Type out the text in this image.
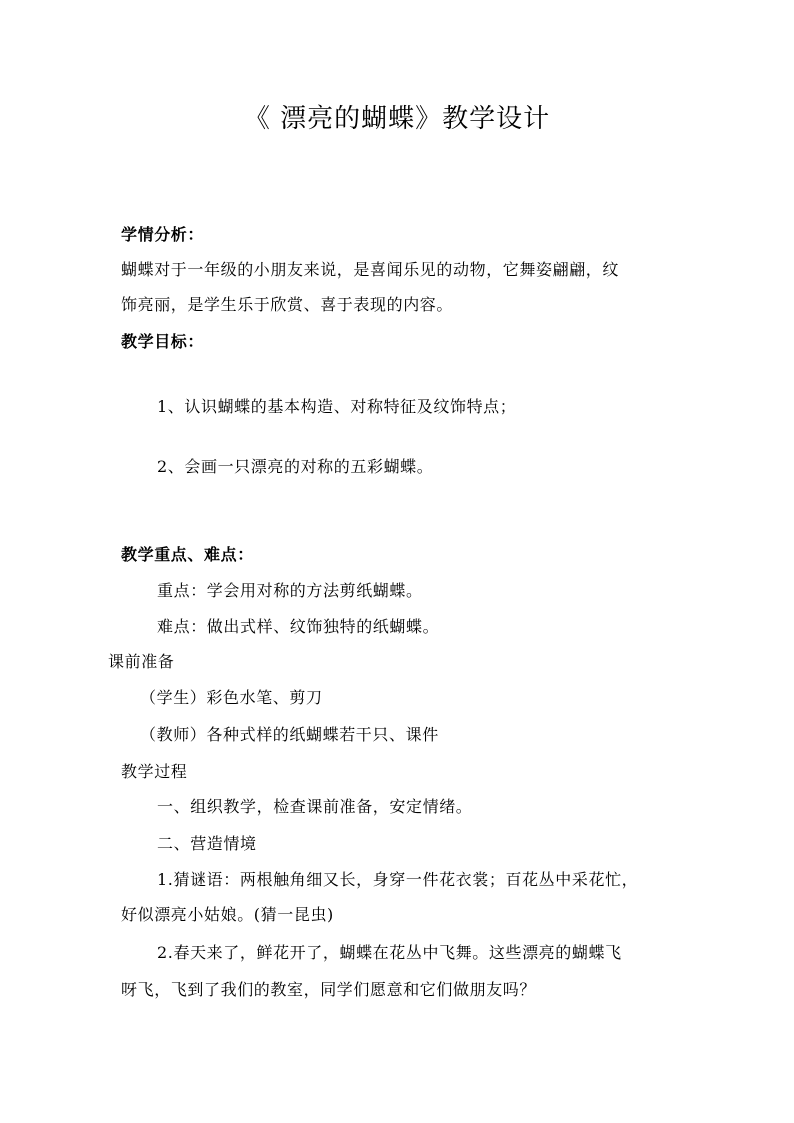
《 漂亮的蝴蝶》教学设计
学情分析：
蝴蝶对于一年级的小朋友来说，是喜闻乐见的动物，它舞姿翩翩，纹
饰亮丽，是学生乐于欣赏、喜于表现的内容。
教学目标：
1、认识蝴蝶的基本构造、对称特征及纹饰特点；
2、会画一只漂亮的对称的五彩蝴蝶。
教学重点、难点：
重点：学会用对称的方法剪纸蝴蝶。
难点：做出式样、纹饰独特的纸蝴蝶。
课前准备
（学生）彩色水笔、剪刀
（教师）各种式样的纸蝴蝶若干只、课件
教学过程
一、组织教学，检查课前准备，安定情绪。
二、营造情境
1.猜谜语：两根触角细又长，身穿一件花衣裳；百花丛中采花忙，
好似漂亮小姑娘。(猜一昆虫)
2.春天来了，鲜花开了，蝴蝶在花丛中飞舞。这些漂亮的蝴蝶飞
呀飞，飞到了我们的教室，同学们愿意和它们做朋友吗？
